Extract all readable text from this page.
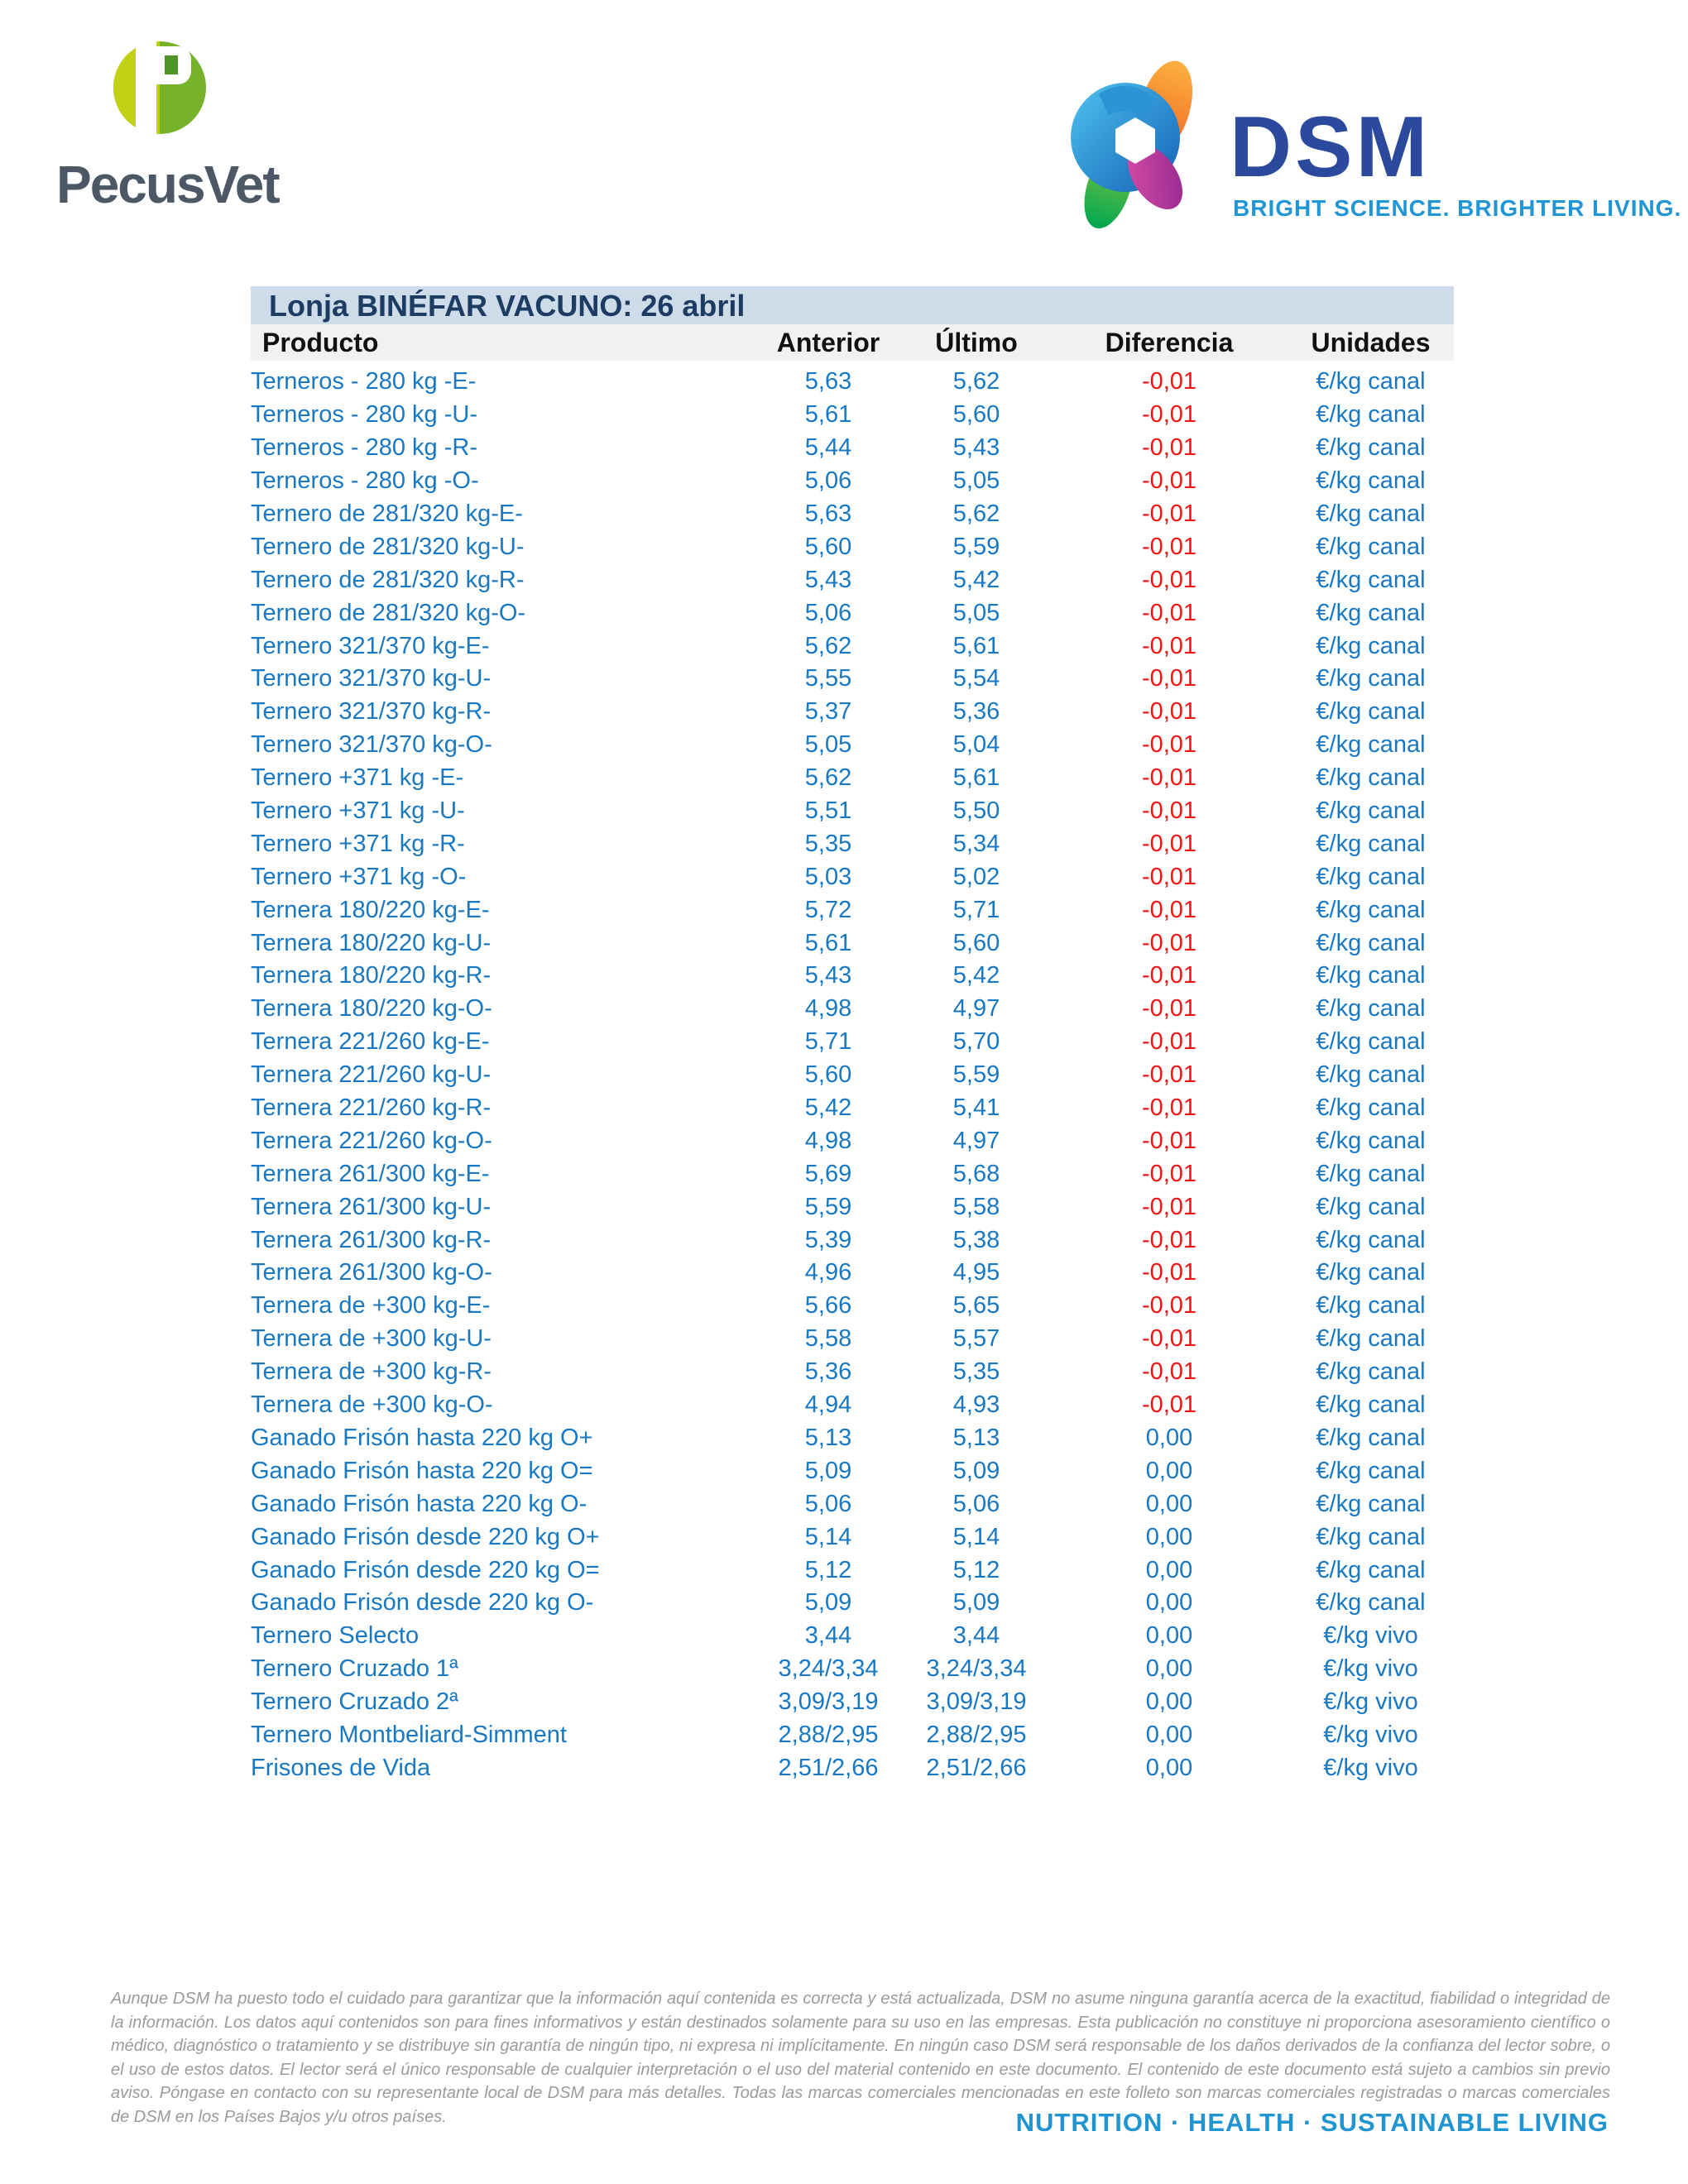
PecusVet	DSM
BRIGHT SCIENCE. BRIGHTER LIVING.
Lonja BINÉFAR VACUNO: 26 abril
Producto	Anterior	Último	Diferencia	Unidades
Terneros - 280 kg -E-	5,63	5,62	-0,01	€/kg canal
Terneros - 280 kg -U-	5,61	5,60	-0,01	€/kg canal
Terneros - 280 kg -R-	5,44	5,43	-0,01	€/kg canal
Terneros - 280 kg -O-	5,06	5,05	-0,01	€/kg canal
Ternero de 281/320 kg-E-	5,63	5,62	-0,01	€/kg canal
Ternero de 281/320 kg-U-	5,60	5,59	-0,01	€/kg canal
Ternero de 281/320 kg-R-	5,43	5,42	-0,01	€/kg canal
Ternero de 281/320 kg-O-	5,06	5,05	-0,01	€/kg canal
Ternero 321/370 kg-E-	5,62	5,61	-0,01	€/kg canal
Ternero 321/370 kg-U-	5,55	5,54	-0,01	€/kg canal
Ternero 321/370 kg-R-	5,37	5,36	-0,01	€/kg canal
Ternero 321/370 kg-O-	5,05	5,04	-0,01	€/kg canal
Ternero +371 kg -E-	5,62	5,61	-0,01	€/kg canal
Ternero +371 kg -U-	5,51	5,50	-0,01	€/kg canal
Ternero +371 kg -R-	5,35	5,34	-0,01	€/kg canal
Ternero +371 kg -O-	5,03	5,02	-0,01	€/kg canal
Ternera 180/220 kg-E-	5,72	5,71	-0,01	€/kg canal
Ternera 180/220 kg-U-	5,61	5,60	-0,01	€/kg canal
Ternera 180/220 kg-R-	5,43	5,42	-0,01	€/kg canal
Ternera 180/220 kg-O-	4,98	4,97	-0,01	€/kg canal
Ternera 221/260 kg-E-	5,71	5,70	-0,01	€/kg canal
Ternera 221/260 kg-U-	5,60	5,59	-0,01	€/kg canal
Ternera 221/260 kg-R-	5,42	5,41	-0,01	€/kg canal
Ternera 221/260 kg-O-	4,98	4,97	-0,01	€/kg canal
Ternera 261/300 kg-E-	5,69	5,68	-0,01	€/kg canal
Ternera 261/300 kg-U-	5,59	5,58	-0,01	€/kg canal
Ternera 261/300 kg-R-	5,39	5,38	-0,01	€/kg canal
Ternera 261/300 kg-O-	4,96	4,95	-0,01	€/kg canal
Ternera de +300 kg-E-	5,66	5,65	-0,01	€/kg canal
Ternera de +300 kg-U-	5,58	5,57	-0,01	€/kg canal
Ternera de +300 kg-R-	5,36	5,35	-0,01	€/kg canal
Ternera de +300 kg-O-	4,94	4,93	-0,01	€/kg canal
Ganado Frisón hasta 220 kg O+	5,13	5,13	0,00	€/kg canal
Ganado Frisón hasta 220 kg O=	5,09	5,09	0,00	€/kg canal
Ganado Frisón hasta 220 kg O-	5,06	5,06	0,00	€/kg canal
Ganado Frisón desde 220 kg O+	5,14	5,14	0,00	€/kg canal
Ganado Frisón desde 220 kg O=	5,12	5,12	0,00	€/kg canal
Ganado Frisón desde 220 kg O-	5,09	5,09	0,00	€/kg canal
Ternero Selecto	3,44	3,44	0,00	€/kg vivo
Ternero Cruzado 1ª	3,24/3,34	3,24/3,34	0,00	€/kg vivo
Ternero Cruzado 2ª	3,09/3,19	3,09/3,19	0,00	€/kg vivo
Ternero Montbeliard-Simment	2,88/2,95	2,88/2,95	0,00	€/kg vivo
Frisones de Vida	2,51/2,66	2,51/2,66	0,00	€/kg vivo

Aunque DSM ha puesto todo el cuidado para garantizar que la información aquí contenida es correcta y está actualizada, DSM no asume ninguna garantía acerca de la exactitud, fiabilidad o integridad de la información. Los datos aquí contenidos son para fines informativos y están destinados solamente para su uso en las empresas. Esta publicación no constituye ni proporciona asesoramiento científico o médico, diagnóstico o tratamiento y se distribuye sin garantía de ningún tipo, ni expresa ni implícitamente. En ningún caso DSM será responsable de los daños derivados de la confianza del lector sobre, o el uso de estos datos. El lector será el único responsable de cualquier interpretación o el uso del material contenido en este documento. El contenido de este documento está sujeto a cambios sin previo aviso. Póngase en contacto con su representante local de DSM para más detalles. Todas las marcas comerciales mencionadas en este folleto son marcas comerciales registradas o marcas comerciales de DSM en los Países Bajos y/u otros países.	NUTRITION · HEALTH · SUSTAINABLE LIVING
